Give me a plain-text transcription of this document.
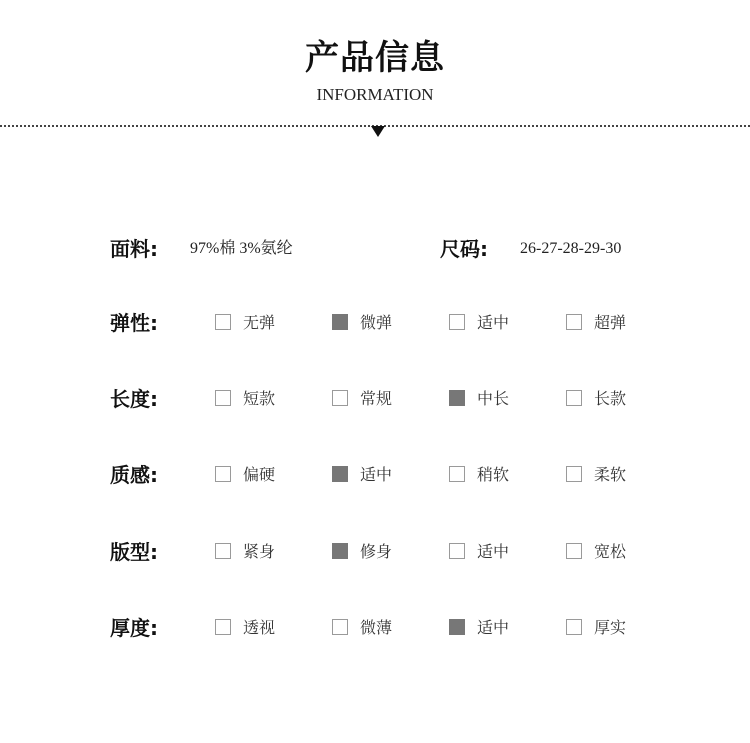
产品信息
INFORMATION
面料: 97%棉 3%氨纶	尺码: 26-27-28-29-30
弹性:	无弹	微弹	适中	超弹
长度:	短款	常规	中长	长款
质感:	偏硬	适中	稍软	柔软
版型:	紧身	修身	适中	宽松
厚度:	透视	微薄	适中	厚实
